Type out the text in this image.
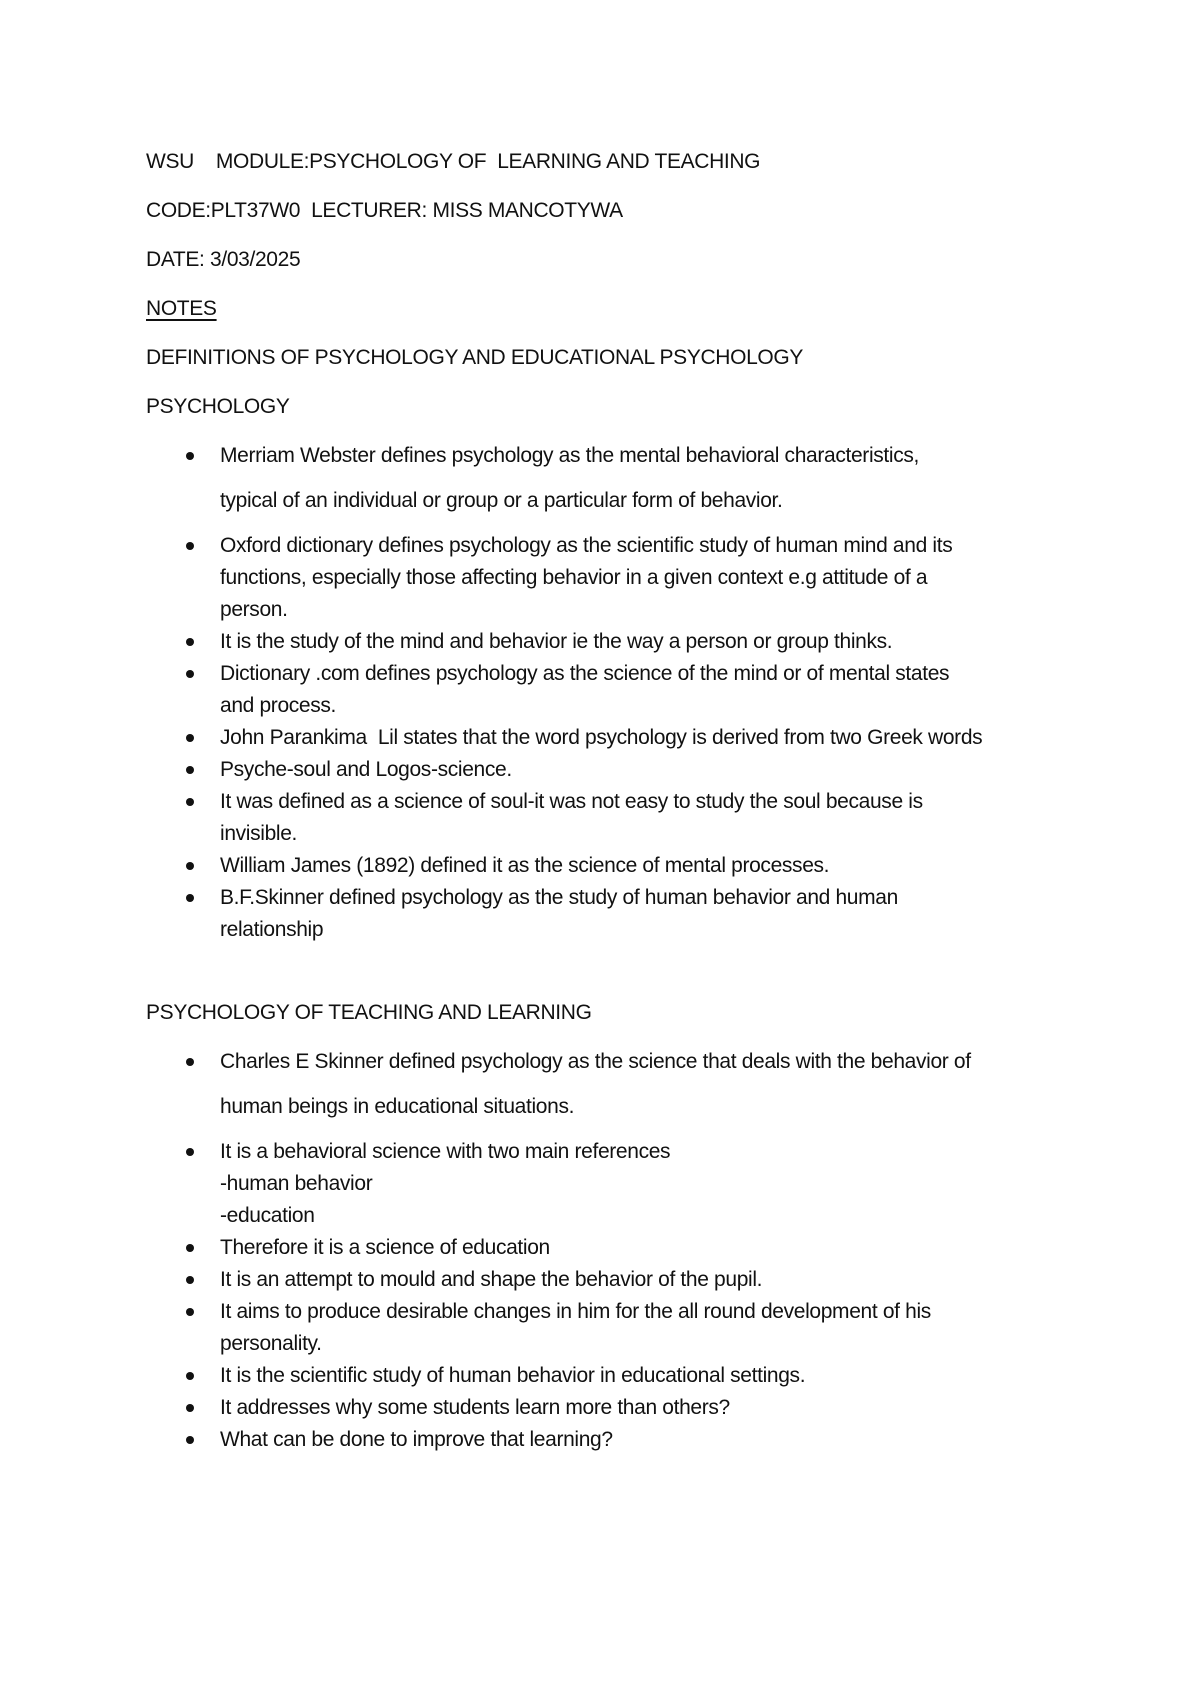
WSU    MODULE:PSYCHOLOGY OF  LEARNING AND TEACHING

CODE:PLT37W0  LECTURER: MISS MANCOTYWA

DATE: 3/03/2025

NOTES

DEFINITIONS OF PSYCHOLOGY AND EDUCATIONAL PSYCHOLOGY

PSYCHOLOGY

Merriam Webster defines psychology as the mental behavioral characteristics,
typical of an individual or group or a particular form of behavior.
Oxford dictionary defines psychology as the scientific study of human mind and its
functions, especially those affecting behavior in a given context e.g attitude of a
person.
It is the study of the mind and behavior ie the way a person or group thinks.
Dictionary .com defines psychology as the science of the mind or of mental states
and process.
John Parankima  Lil states that the word psychology is derived from two Greek words
Psyche-soul and Logos-science.
It was defined as a science of soul-it was not easy to study the soul because is
invisible.
William James (1892) defined it as the science of mental processes.
B.F.Skinner defined psychology as the study of human behavior and human
relationship

PSYCHOLOGY OF TEACHING AND LEARNING

Charles E Skinner defined psychology as the science that deals with the behavior of
human beings in educational situations.
It is a behavioral science with two main references
-human behavior
-education
Therefore it is a science of education
It is an attempt to mould and shape the behavior of the pupil.
It aims to produce desirable changes in him for the all round development of his
personality.
It is the scientific study of human behavior in educational settings.
It addresses why some students learn more than others?
What can be done to improve that learning?
